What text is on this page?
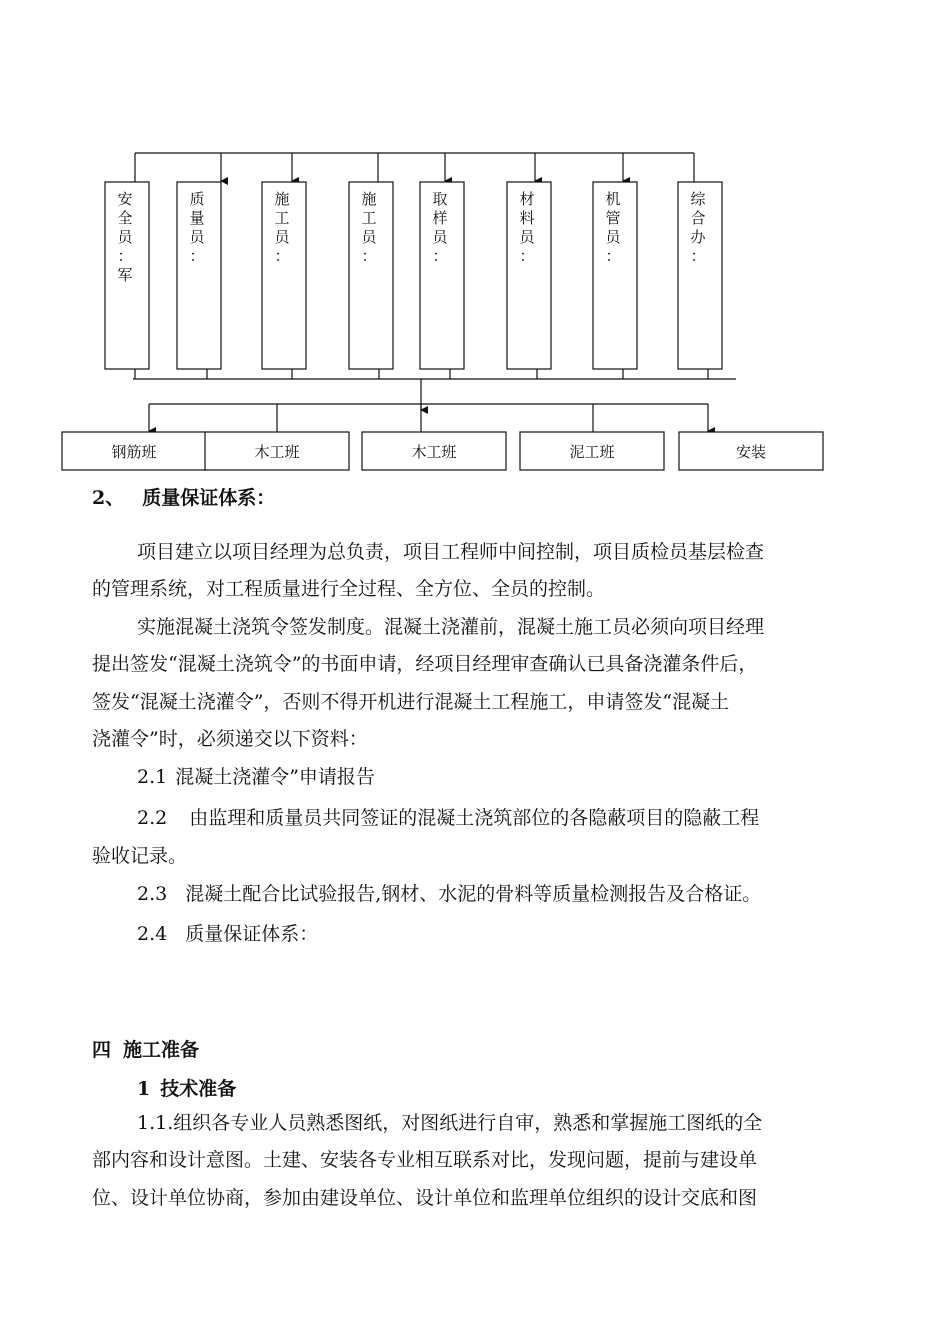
安
全
员
：
军
质
量
员
：
施
工
员
：
施
工
员
：
取
样
员
：
材
料
员
：
机
管
员
：
综
合
办
：
钢筋班	木工班	木工班	泥工班	安装
2、 质量保证体系：
项目建立以项目经理为总负责，项目工程师中间控制，项目质检员基层检查
的管理系统，对工程质量进行全过程、全方位、全员的控制。
实施混凝土浇筑令签发制度。混凝土浇灌前，混凝土施工员必须向项目经理
提出签发“混凝土浇筑令”的书面申请，经项目经理审查确认已具备浇灌条件后，
签发“混凝土浇灌令”，否则不得开机进行混凝土工程施工，申请签发“混凝土
浇灌令”时，必须递交以下资料：
2.1 混凝土浇灌令”申请报告
2.2 由监理和质量员共同签证的混凝土浇筑部位的各隐蔽项目的隐蔽工程
验收记录。
2.3 混凝土配合比试验报告,钢材、水泥的骨料等质量检测报告及合格证。
2.4 质量保证体系：
四 施工准备
1 技术准备
1.1.组织各专业人员熟悉图纸，对图纸进行自审，熟悉和掌握施工图纸的全
部内容和设计意图。土建、安装各专业相互联系对比，发现问题，提前与建设单
位、设计单位协商，参加由建设单位、设计单位和监理单位组织的设计交底和图
